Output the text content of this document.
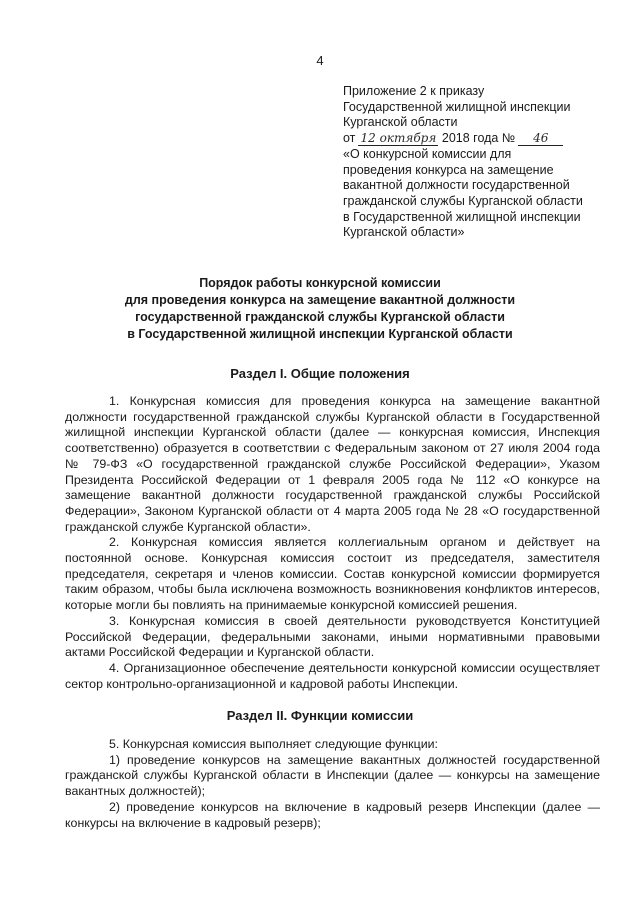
4
Приложение 2 к приказу
Государственной жилищной инспекции
Курганской области
от 12 октября 2018 года № 46
«О конкурсной комиссии для
проведения конкурса на замещение
вакантной должности государственной
гражданской службы Курганской области
в Государственной жилищной инспекции
Курганской области»
Порядок работы конкурсной комиссии
для проведения конкурса на замещение вакантной должности
государственной гражданской службы Курганской области
в Государственной жилищной инспекции Курганской области
Раздел I. Общие положения

1. Конкурсная комиссия для проведения конкурса на замещение вакантной должности государственной гражданской службы Курганской области в Государственной жилищной инспекции Курганской области (далее — конкурсная комиссия, Инспекция соответственно) образуется в соответствии с Федеральным законом от 27 июля 2004 года № 79-ФЗ «О государственной гражданской службе Российской Федерации», Указом Президента Российской Федерации от 1 февраля 2005 года № 112 «О конкурсе на замещение вакантной должности государственной гражданской службы Российской Федерации», Законом Курганской области от 4 марта 2005 года № 28 «О государственной гражданской службе Курганской области».

2. Конкурсная комиссия является коллегиальным органом и действует на постоянной основе. Конкурсная комиссия состоит из председателя, заместителя председателя, секретаря и членов комиссии. Состав конкурсной комиссии формируется таким образом, чтобы была исключена возможность возникновения конфликтов интересов, которые могли бы повлиять на принимаемые конкурсной комиссией решения.

3. Конкурсная комиссия в своей деятельности руководствуется Конституцией Российской Федерации, федеральными законами, иными нормативными правовыми актами Российской Федерации и Курганской области.

4. Организационное обеспечение деятельности конкурсной комиссии осуществляет сектор контрольно-организационной и кадровой работы Инспекции.

Раздел II. Функции комиссии

5. Конкурсная комиссия выполняет следующие функции:

1) проведение конкурсов на замещение вакантных должностей государственной гражданской службы Курганской области в Инспекции (далее — конкурсы на замещение вакантных должностей);

2) проведение конкурсов на включение в кадровый резерв Инспекции (далее — конкурсы на включение в кадровый резерв);
